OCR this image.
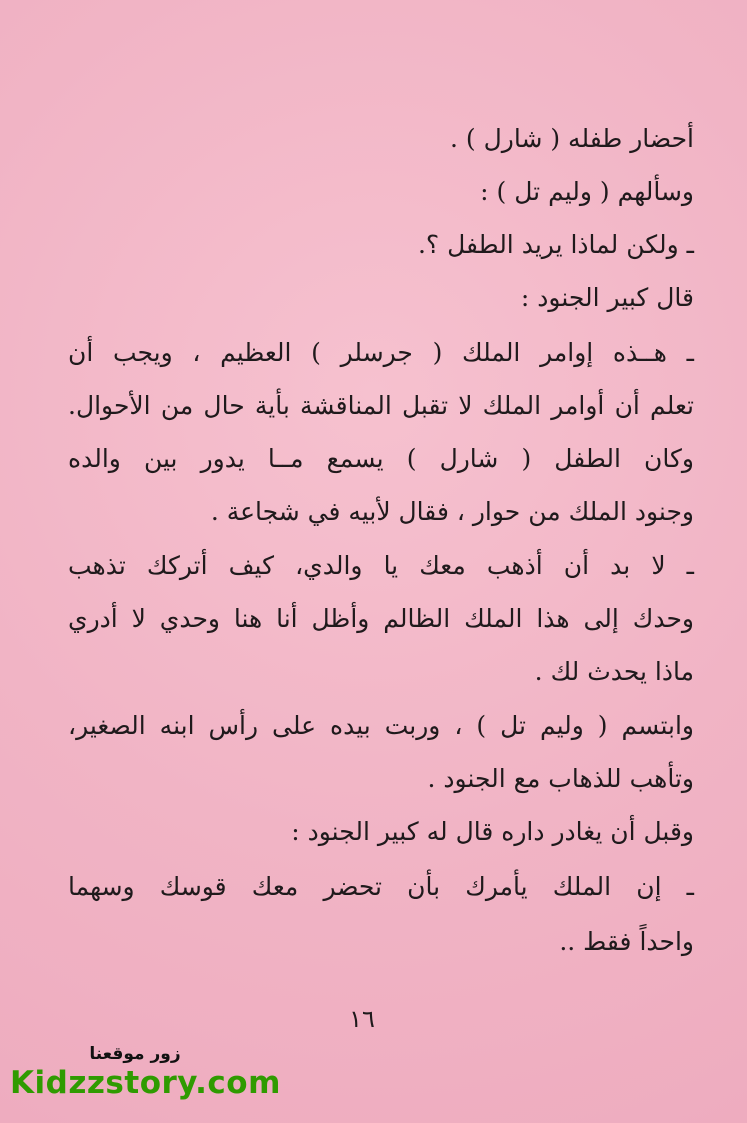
أحضار طفله ( شارل ) .
وسألهم ( وليم تل ) :
ـ ولكن لماذا يريد الطفل ؟.
قال كبير الجنود :
ـ هــذه إوامر الملك ( جرسلر ) العظيم ، ويجب أن
تعلم أن أوامر الملك لا تقبل المناقشة بأية حال من الأحوال.
وكان الطفل ( شارل ) يسمع مــا يدور بين والده
وجنود الملك من حوار ، فقال لأبيه في شجاعة .
ـ لا بد أن أذهب معك يا والدي، كيف أتركك تذهب
وحدك إلى هذا الملك الظالم وأظل أنا هنا وحدي لا أدري
ماذا يحدث لك .
وابتسم ( وليم تل ) ، وربت بيده على رأس ابنه الصغير،
وتأهب للذهاب مع الجنود .
وقبل أن يغادر داره قال له كبير الجنود :
ـ إن الملك يأمرك بأن تحضر معك قوسك وسهما
واحداً فقط ..
١٦
زور موقعنا
Kidzzstory.com
